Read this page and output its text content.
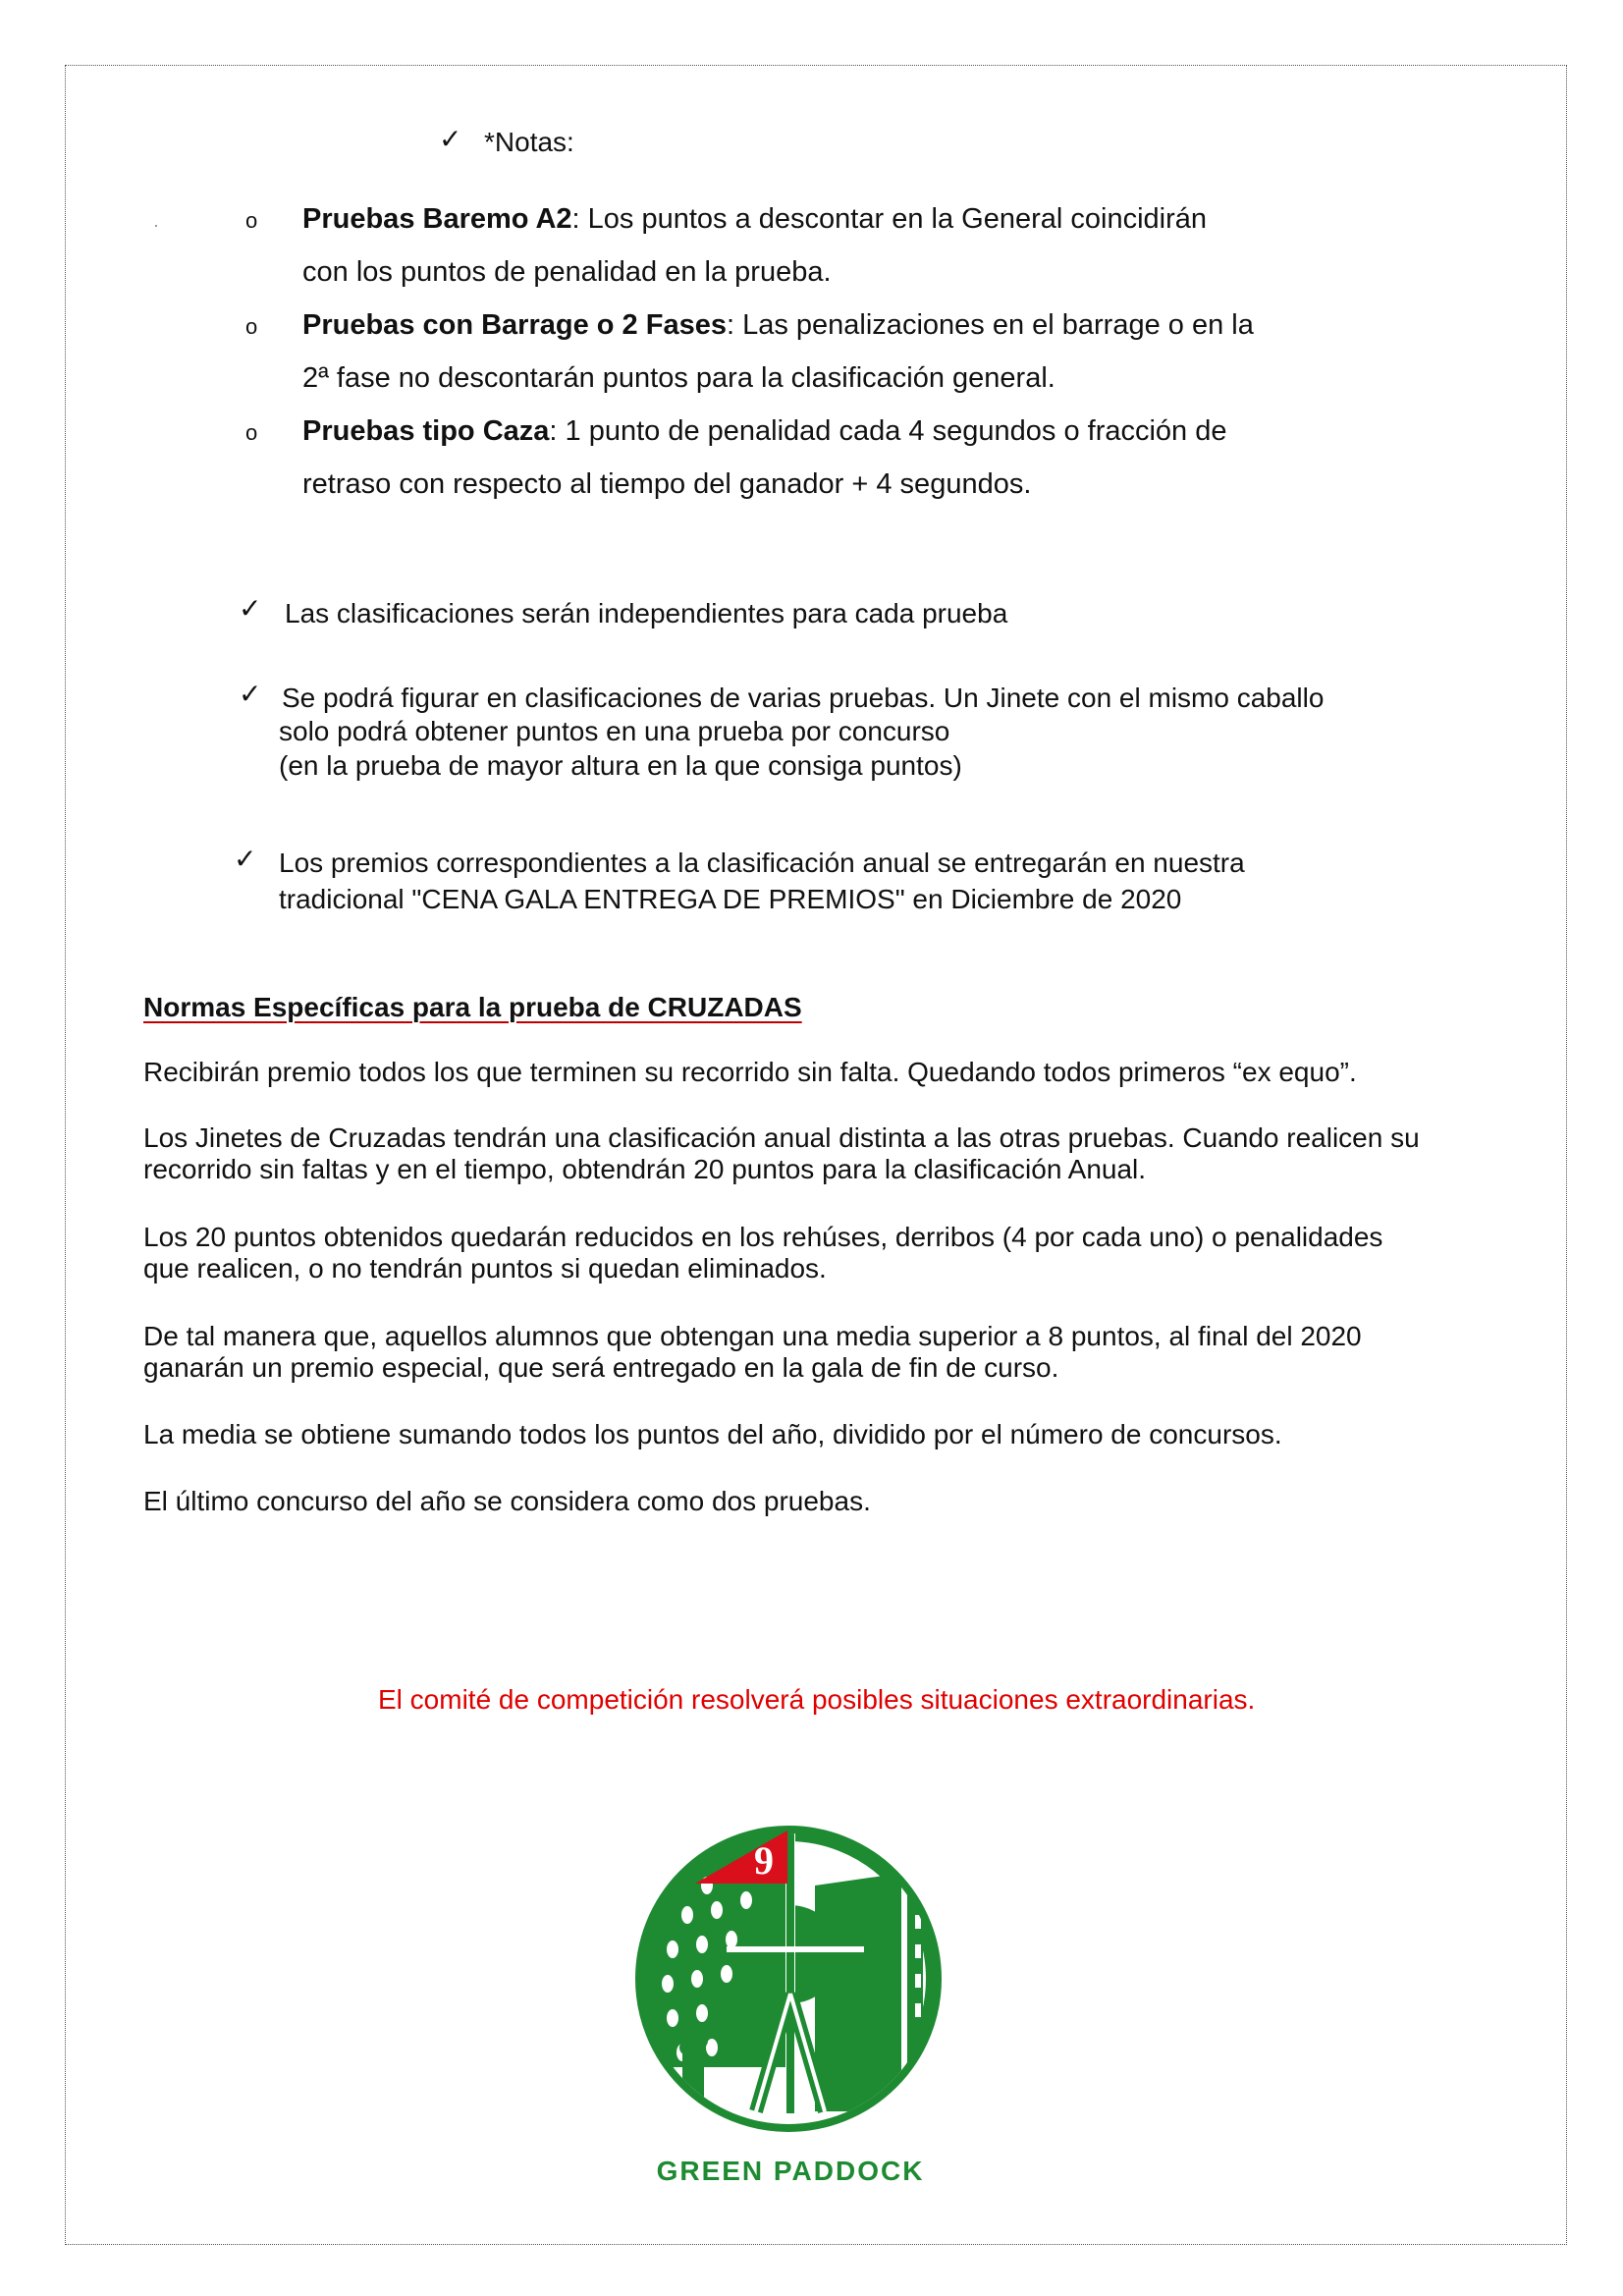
✓ *Notas:
o Pruebas Baremo A2: Los puntos a descontar en la General coincidirán
con los puntos de penalidad en la prueba.
o Pruebas con Barrage o 2 Fases: Las penalizaciones en el barrage o en la
2ª fase no descontarán puntos para la clasificación general.
o Pruebas tipo Caza: 1 punto de penalidad cada 4 segundos o fracción de
retraso con respecto al tiempo del ganador + 4 segundos.
✓ Las clasificaciones serán independientes para cada prueba
✓ Se podrá figurar en clasificaciones de varias pruebas. Un Jinete con el mismo caballo
solo podrá obtener puntos en una prueba por concurso
(en la prueba de mayor altura en la que consiga puntos)
✓ Los premios correspondientes a la clasificación anual se entregarán en nuestra
tradicional "CENA GALA ENTREGA DE PREMIOS" en Diciembre de 2020
Normas Específicas para la prueba de CRUZADAS
Recibirán premio todos los que terminen su recorrido sin falta. Quedando todos primeros “ex equo”.
Los Jinetes de Cruzadas tendrán una clasificación anual distinta a las otras pruebas. Cuando realicen su
recorrido sin faltas y en el tiempo, obtendrán 20 puntos para la clasificación Anual.
Los 20 puntos obtenidos quedarán reducidos en los rehúses, derribos (4 por cada uno) o penalidades
que realicen, o no tendrán puntos si quedan eliminados.
De tal manera que, aquellos alumnos que obtengan una media superior a 8 puntos, al final del 2020
ganarán un premio especial, que será entregado en la gala de fin de curso.
La media se obtiene sumando todos los puntos del año, dividido por el número de concursos.
El último concurso del año se considera como dos pruebas.
El comité de competición resolverá posibles situaciones extraordinarias.
9
GREEN PADDOCK
